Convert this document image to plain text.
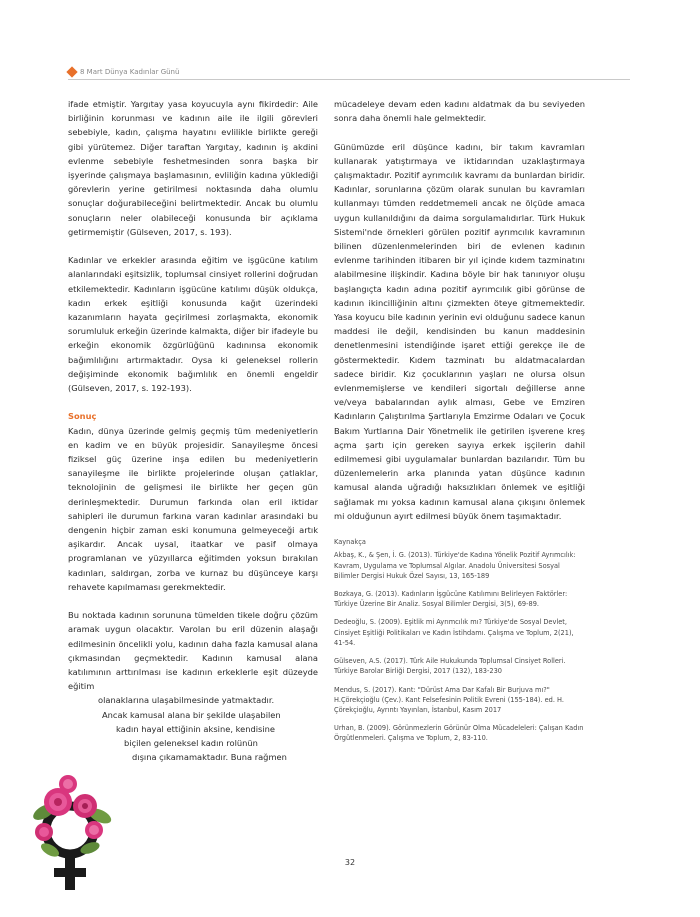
8 Mart Dünya Kadınlar Günü

ifade etmiştir. Yargıtay yasa koyucuyla aynı fikirdedir: Aile birliğinin korunması ve kadının aile ile ilgili görevleri sebebiyle, kadın, çalışma hayatını evlilikle birlikte gereği gibi yürütemez. Diğer taraftan Yargıtay, kadının iş akdini evlenme sebebiyle feshetmesinden sonra başka bir işyerinde çalışmaya başlamasının, evliliğin kadına yüklediği görevlerin yerine getirilmesi noktasında daha olumlu sonuçlar doğurabileceğini belirtmektedir. Ancak bu olumlu sonuçların neler olabileceği konusunda bir açıklama getirmemiştir (Gülseven, 2017, s. 193).

Kadınlar ve erkekler arasında eğitim ve işgücüne katılım alanlarındaki eşitsizlik, toplumsal cinsiyet rollerini doğrudan etkilemektedir. Kadınların işgücüne katılımı düşük oldukça, kadın erkek eşitliği konusunda kağıt üzerindeki kazanımların hayata geçirilmesi zorlaşmakta, ekonomik sorumluluk erkeğin üzerinde kalmakta, diğer bir ifadeyle bu erkeğin ekonomik özgürlüğünü kadınınsa ekonomik bağımlılığını artırmaktadır. Oysa ki geleneksel rollerin değişiminde ekonomik bağımlılık en önemli engeldir (Gülseven, 2017, s. 192-193).

Sonuç

Kadın, dünya üzerinde gelmiş geçmiş tüm medeniyetlerin en kadim ve en büyük projesidir. Sanayileşme öncesi fiziksel güç üzerine inşa edilen bu medeniyetlerin sanayileşme ile birlikte projelerinde oluşan çatlaklar, teknolojinin de gelişmesi ile birlikte her geçen gün derinleşmektedir. Durumun farkında olan eril iktidar sahipleri ile durumun farkına varan kadınlar arasındaki bu dengenin hiçbir zaman eski konumuna gelmeyeceği artık aşikardır. Ancak uysal, itaatkar ve pasif olmaya programlanan ve yüzyıllarca eğitimden yoksun bırakılan kadınları, saldırgan, zorba ve kurnaz bu düşünceye karşı rehavete kapılmaması gerekmektedir.

Bu noktada kadının sorununa tümelden tikele doğru çözüm aramak uygun olacaktır. Varolan bu eril düzenin alaşağı edilmesinin öncelikli yolu, kadının daha fazla kamusal alana çıkmasından geçmektedir. Kadının kamusal alana katılımının arttırılması ise kadının erkeklerle eşit düzeyde eğitim

olanaklarına ulaşabilmesinde yatmaktadır.
Ancak kamusal alana bir şekilde ulaşabilen
kadın hayal ettiğinin aksine, kendisine
biçilen geleneksel kadın rolünün
dışına çıkamamaktadır. Buna rağmen

mücadeleye devam eden kadını aldatmak da bu seviyeden sonra daha önemli hale gelmektedir.

Günümüzde eril düşünce kadını, bir takım kavramları kullanarak yatıştırmaya ve iktidarından uzaklaştırmaya çalışmaktadır. Pozitif ayrımcılık kavramı da bunlardan biridir. Kadınlar, sorunlarına çözüm olarak sunulan bu kavramları kullanmayı tümden reddetmemeli ancak ne ölçüde amaca uygun kullanıldığını da daima sorgulamalıdırlar. Türk Hukuk Sistemi'nde örnekleri görülen pozitif ayrımcılık kavramının bilinen düzenlenmelerinden biri de evlenen kadının evlenme tarihinden itibaren bir yıl içinde kıdem tazminatını alabilmesine ilişkindir. Kadına böyle bir hak tanınıyor oluşu başlangıçta kadın adına pozitif ayrımcılık gibi görünse de kadının ikincilliğinin altını çizmekten öteye gitmemektedir. Yasa koyucu bile kadının yerinin evi olduğunu sadece kanun maddesi ile değil, kendisinden bu kanun maddesinin denetlenmesini istendiğinde işaret ettiği gerekçe ile de göstermektedir. Kıdem tazminatı bu aldatmacalardan sadece biridir. Kız çocuklarının yaşları ne olursa olsun evlenmemişlerse ve kendileri sigortalı değillerse anne ve/veya babalarından aylık alması, Gebe ve Emziren Kadınların Çalıştırılma Şartlarıyla Emzirme Odaları ve Çocuk Bakım Yurtlarına Dair Yönetmelik ile getirilen işverene kreş açma şartı için gereken sayıya erkek işçilerin dahil edilmemesi gibi uygulamalar bunlardan bazılarıdır. Tüm bu düzenlemelerin arka planında yatan düşünce kadının kamusal alanda uğradığı haksızlıkları önlemek ve eşitliği sağlamak mı yoksa kadının kamusal alana çıkışını önlemek mi olduğunun ayırt edilmesi büyük önem taşımaktadır.

Kaynakça
Akbaş, K., & Şen, İ. G. (2013). Türkiye'de Kadına Yönelik Pozitif Ayrımcılık: Kavram, Uygulama ve Toplumsal Algılar. Anadolu Üniversitesi Sosyal Bilimler Dergisi Hukuk Özel Sayısı, 13, 165-189
Bozkaya, G. (2013). Kadınların İşgücüne Katılımını Belirleyen Faktörler: Türkiye Üzerine Bir Analiz. Sosyal Bilimler Dergisi, 3(5), 69-89.
Dedeoğlu, S. (2009). Eşitlik mi Ayrımcılık mı? Türkiye'de Sosyal Devlet, Cinsiyet Eşitliği Politikaları ve Kadın İstihdamı. Çalışma ve Toplum, 2(21), 41-54.
Gülseven, A.S. (2017). Türk Aile Hukukunda Toplumsal Cinsiyet Rolleri. Türkiye Barolar Birliği Dergisi, 2017 (132), 183-230
Mendus, S. (2017). Kant: "Dürüst Ama Dar Kafalı Bir Burjuva mı?" H.Çörekçioğlu (Çev.). Kant Felsefesinin Politik Evreni (155-184). ed. H. Çörekçioğlu, Ayrıntı Yayınları, İstanbul, Kasım 2017
Urhan, B. (2009). Görünmezlerin Görünür Olma Mücadeleleri: Çalışan Kadın Örgütlenmeleri. Çalışma ve Toplum, 2, 83-110.
32
